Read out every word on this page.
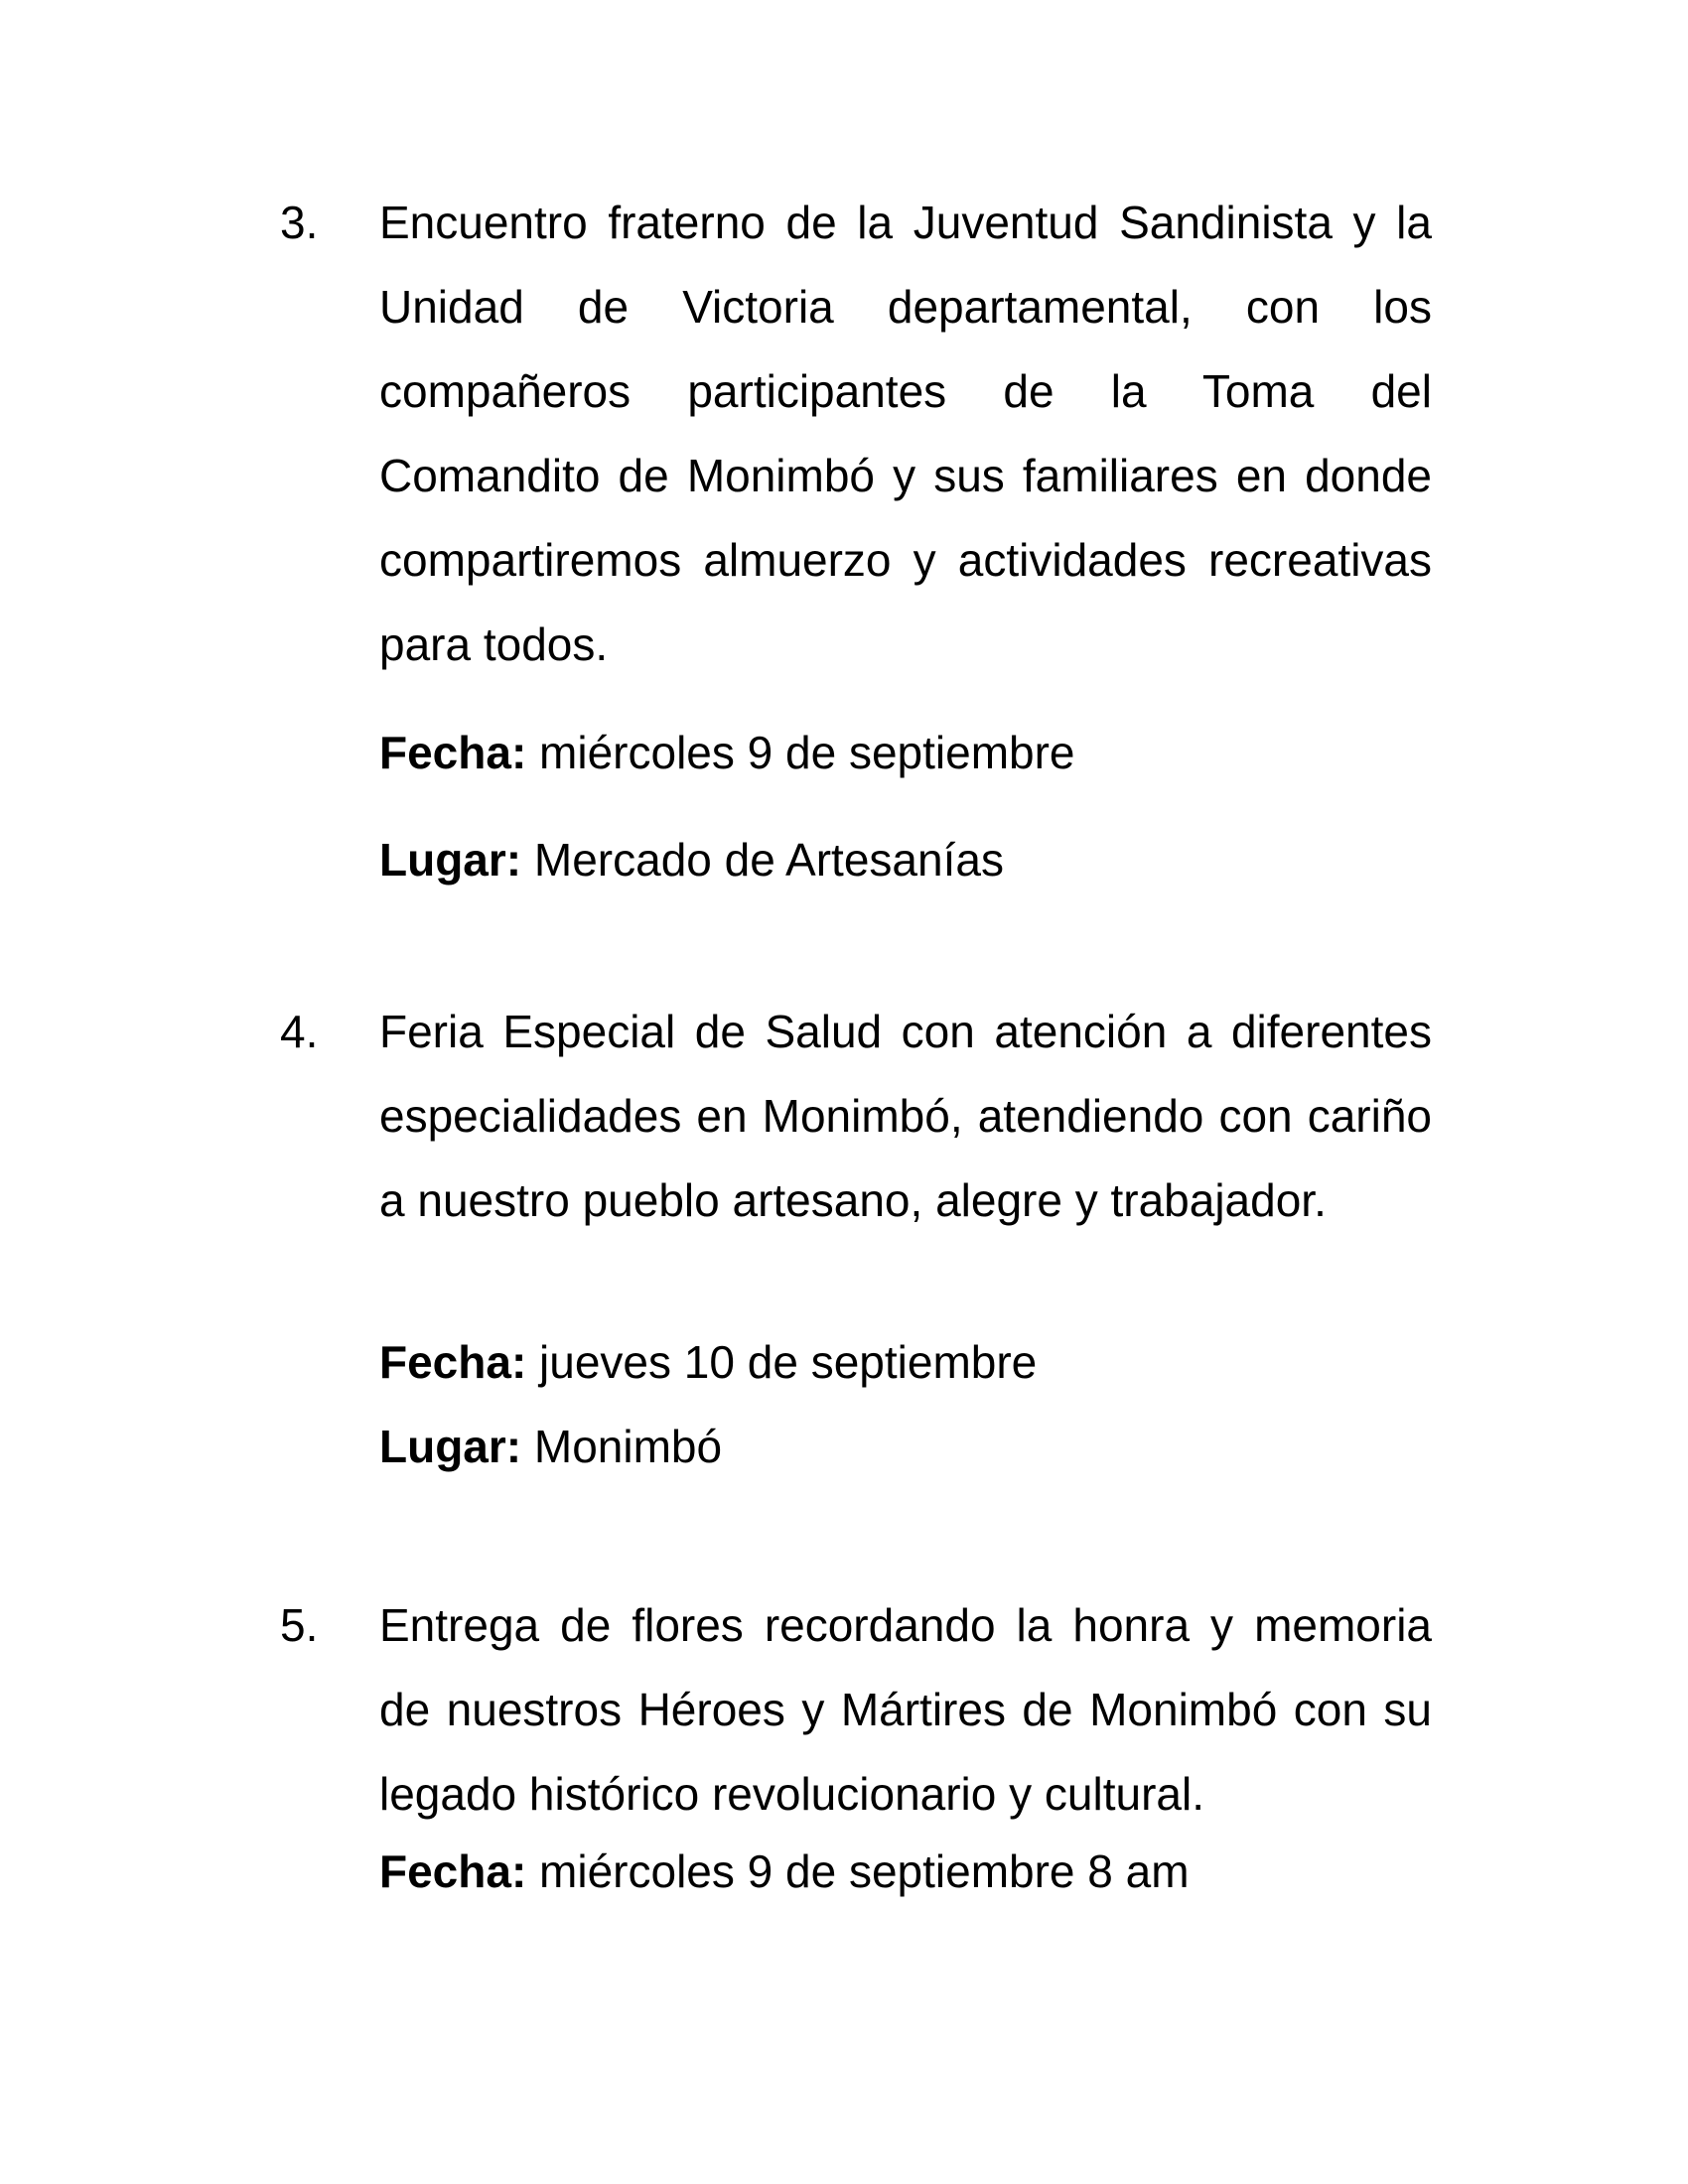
3. Encuentro fraterno de la Juventud Sandinista y la Unidad de Victoria departamental, con los compañeros participantes de la Toma del Comandito de Monimbó y sus familiares en donde compartiremos almuerzo y actividades recreativas para todos.

Fecha: miércoles 9 de septiembre
Lugar: Mercado de Artesanías
4. Feria Especial de Salud con atención a diferentes especialidades en Monimbó, atendiendo con cariño a nuestro pueblo artesano, alegre y trabajador.

Fecha: jueves 10 de septiembre
Lugar: Monimbó
5. Entrega de flores recordando la honra y memoria de nuestros Héroes y Mártires de Monimbó con su legado histórico revolucionario y cultural.

Fecha: miércoles 9 de septiembre 8 am
